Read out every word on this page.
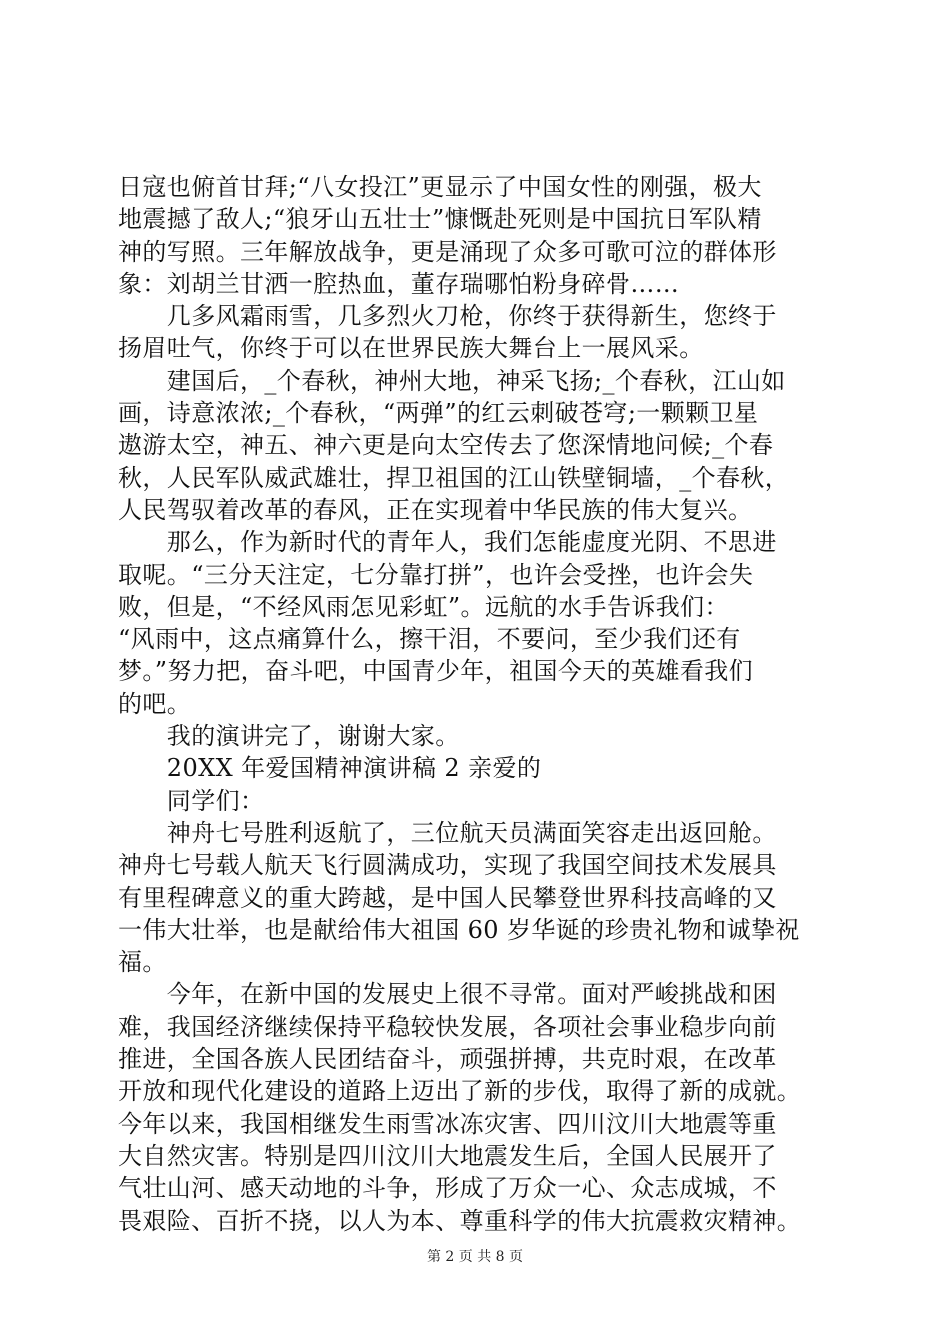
日寇也俯首甘拜;“八女投江”更显示了中国女性的刚强，极大
地震撼了敌人;“狼牙山五壮士”慷慨赴死则是中国抗日军队精
神的写照。三年解放战争，更是涌现了众多可歌可泣的群体形
象：刘胡兰甘洒一腔热血，董存瑞哪怕粉身碎骨……
　　几多风霜雨雪，几多烈火刀枪，你终于获得新生，您终于
扬眉吐气，你终于可以在世界民族大舞台上一展风采。
　　建国后，_个春秋，神州大地，神采飞扬;_个春秋，江山如
画，诗意浓浓;_个春秋，“两弹”的红云刺破苍穹;一颗颗卫星
遨游太空，神五、神六更是向太空传去了您深情地问候;_个春
秋，人民军队威武雄壮，捍卫祖国的江山铁壁铜墙，_个春秋，
人民驾驭着改革的春风，正在实现着中华民族的伟大复兴。
　　那么，作为新时代的青年人，我们怎能虚度光阴、不思进
取呢。“三分天注定，七分靠打拼”，也许会受挫，也许会失
败，但是，“不经风雨怎见彩虹”。远航的水手告诉我们：
“风雨中，这点痛算什么，擦干泪，不要问，至少我们还有
梦。”努力把，奋斗吧，中国青少年，祖国今天的英雄看我们
的吧。
　　我的演讲完了，谢谢大家。
　　20XX 年爱国精神演讲稿 2 亲爱的
　　同学们：
　　神舟七号胜利返航了，三位航天员满面笑容走出返回舱。
神舟七号载人航天飞行圆满成功，实现了我国空间技术发展具
有里程碑意义的重大跨越，是中国人民攀登世界科技高峰的又
一伟大壮举，也是献给伟大祖国 60 岁华诞的珍贵礼物和诚挚祝
福。
　　今年，在新中国的发展史上很不寻常。面对严峻挑战和困
难，我国经济继续保持平稳较快发展，各项社会事业稳步向前
推进，全国各族人民团结奋斗，顽强拼搏，共克时艰，在改革
开放和现代化建设的道路上迈出了新的步伐，取得了新的成就。
今年以来，我国相继发生雨雪冰冻灾害、四川汶川大地震等重
大自然灾害。特别是四川汶川大地震发生后，全国人民展开了
气壮山河、感天动地的斗争，形成了万众一心、众志成城，不
畏艰险、百折不挠，以人为本、尊重科学的伟大抗震救灾精神。
第 2 页 共 8 页
